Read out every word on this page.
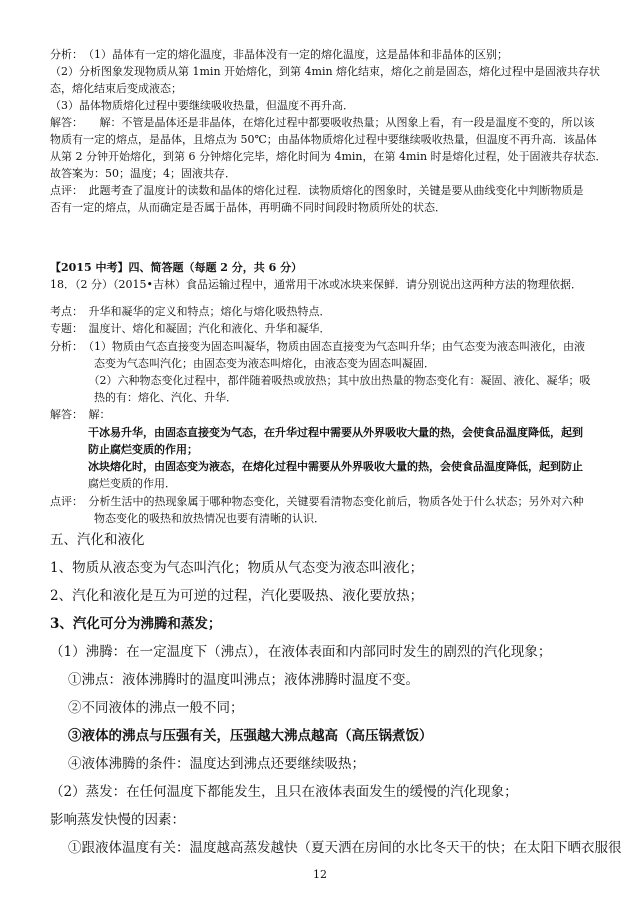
分析：　（1）晶体有一定的熔化温度，非晶体没有一定的熔化温度，这是晶体和非晶体的区别；
（2）分析图象发现物质从第 1min 开始熔化，到第 4min 熔化结束，熔化之前是固态，熔化过程中是固液共存状
态，熔化结束后变成液态；
（3）晶体物质熔化过程中要继续吸收热量，但温度不再升高．
解答：　　解：不管是晶体还是非晶体，在熔化过程中都要吸收热量；从图象上看，有一段是温度不变的，所以该
物质有一定的熔点，是晶体，且熔点为 50℃；由晶体物质熔化过程中要继续吸收热量，但温度不再升高．该晶体
从第 2 分钟开始熔化，到第 6 分钟熔化完毕，熔化时间为 4min，在第 4min 时是熔化过程，处于固液共存状态．
故答案为：50；温度；4；固液共存．
点评：　此题考查了温度计的读数和晶体的熔化过程．读物质熔化的图象时，关键是要从曲线变化中判断物质是
否有一定的熔点，从而确定是否属于晶体，再明确不同时间段时物质所处的状态．
【2015 中考】四、简答题（每题 2 分，共 6 分）
18．（2 分）（2015•吉林）食品运输过程中，通常用干冰或冰块来保鲜．请分别说出这两种方法的物理依据．
考点：　升华和凝华的定义和特点；熔化与熔化吸热特点．
专题：　温度计、熔化和凝固；汽化和液化、升华和凝华．
分析：　（1）物质由气态直接变为固态叫凝华，物质由固态直接变为气态叫升华；由气态变为液态叫液化，由液
　　　　态变为气态叫汽化；由固态变为液态叫熔化，由液态变为固态叫凝固．
　　　　（2）六种物态变化过程中，都伴随着吸热或放热；其中放出热量的物态变化有：凝固、液化、凝华；吸
　　　　热的有：熔化、汽化、升华．
解答：　解：
干冰易升华，由固态直接变为气态，在升华过程中需要从外界吸收大量的热，会使食品温度降低，起到
防止腐烂变质的作用；
冰块熔化时，由固态变为液态，在熔化过程中需要从外界吸收大量的热，会使食品温度降低，起到防止
腐烂变质的作用．
点评：　分析生活中的热现象属于哪种物态变化，关键要看清物态变化前后，物质各处于什么状态；另外对六种
　　　　物态变化的吸热和放热情况也要有清晰的认识．
五、汽化和液化
1、物质从液态变为气态叫汽化；物质从气态变为液态叫液化；
2、汽化和液化是互为可逆的过程，汽化要吸热、液化要放热；
3、汽化可分为沸腾和蒸发；
（1）沸腾：在一定温度下（沸点），在液体表面和内部同时发生的剧烈的汽化现象；
①沸点：液体沸腾时的温度叫沸点；液体沸腾时温度不变。
②不同液体的沸点一般不同；
③液体的沸点与压强有关，压强越大沸点越高（高压锅煮饭）
④液体沸腾的条件：温度达到沸点还要继续吸热；
（2）蒸发：在任何温度下都能发生，且只在液体表面发生的缓慢的汽化现象；
影响蒸发快慢的因素：
①跟液体温度有关：温度越高蒸发越快（夏天洒在房间的水比冬天干的快；在太阳下晒衣服很
12
